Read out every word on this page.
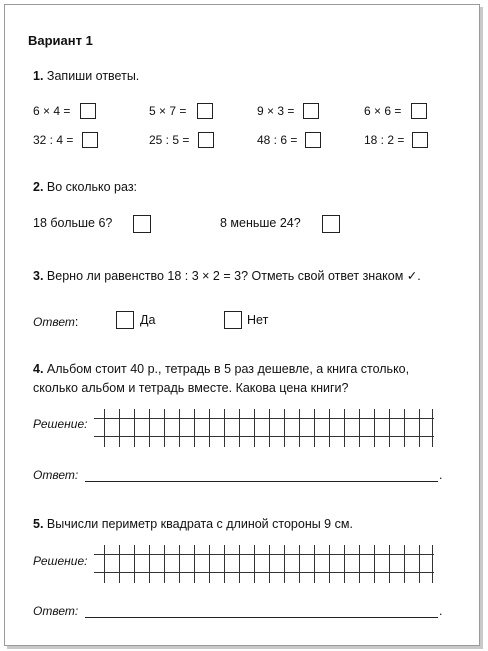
Вариант 1
1. Запиши ответы.
6 × 4 =	5 × 7 =	9 × 3 =	6 × 6 =
32 : 4 =	25 : 5 =	48 : 6 =	18 : 2 =
2. Во сколько раз:
18 больше 6?	8 меньше 24?
3. Верно ли равенство 18 : 3 × 2 = 3? Отметь свой ответ знаком ✓.
Ответ:	Да	Нет
4. Альбом стоит 40 р., тетрадь в 5 раз дешевле, а книга столько,
сколько альбом и тетрадь вместе. Какова цена книги?
Решение:
Ответ:	.
5. Вычисли периметр квадрата с длиной стороны 9 см.
Решение:
Ответ:	.
